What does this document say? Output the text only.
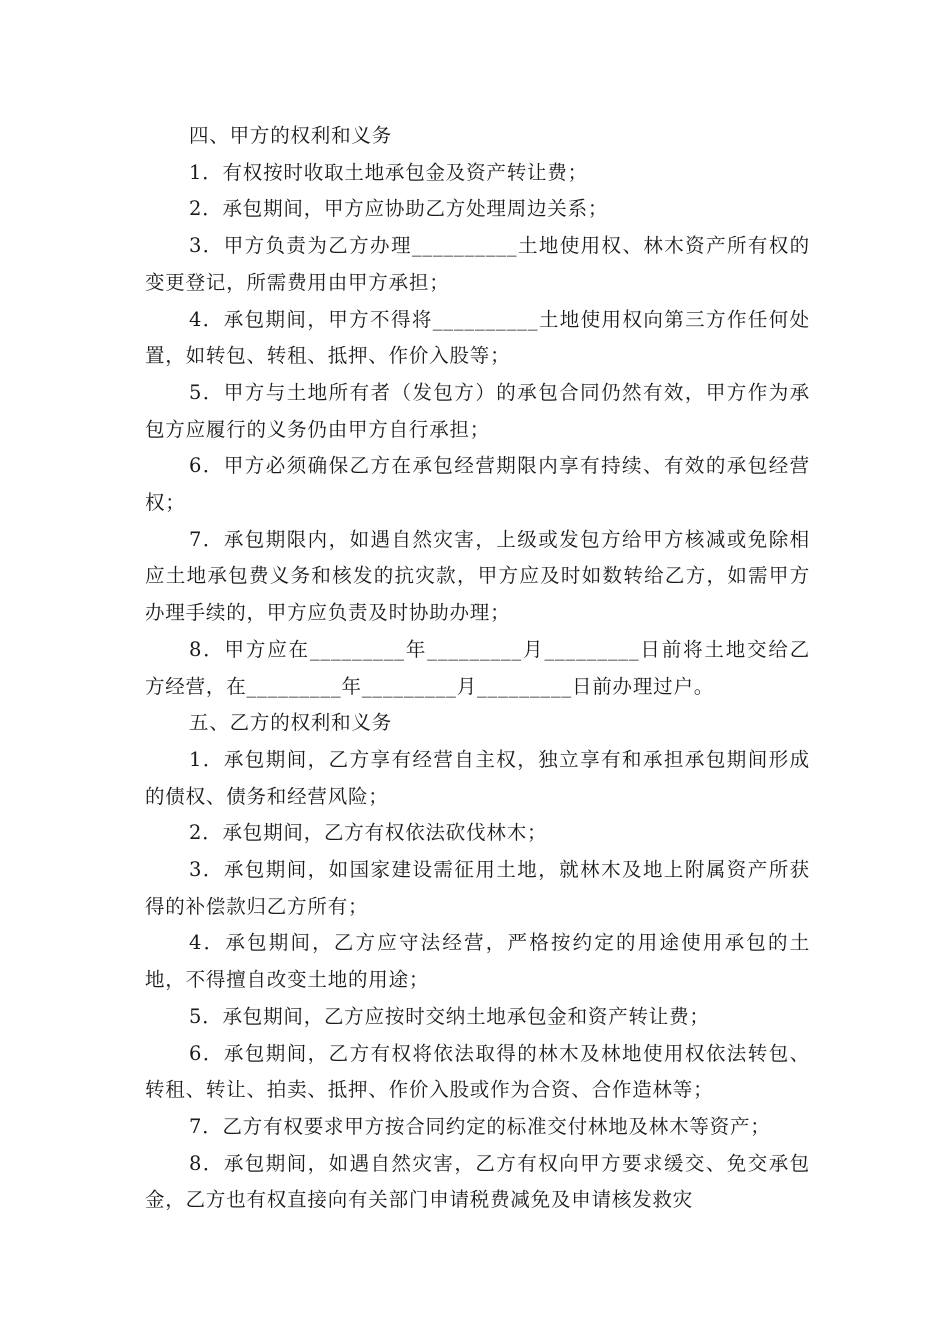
四、甲方的权利和义务

1．有权按时收取土地承包金及资产转让费；

2．承包期间，甲方应协助乙方处理周边关系；

3．甲方负责为乙方办理__________土地使用权、林木资产所有权的变更登记，所需费用由甲方承担；

4．承包期间，甲方不得将__________土地使用权向第三方作任何处置，如转包、转租、抵押、作价入股等；

5．甲方与土地所有者（发包方）的承包合同仍然有效，甲方作为承包方应履行的义务仍由甲方自行承担；

6．甲方必须确保乙方在承包经营期限内享有持续、有效的承包经营权；

7．承包期限内，如遇自然灾害，上级或发包方给甲方核减或免除相应土地承包费义务和核发的抗灾款，甲方应及时如数转给乙方，如需甲方办理手续的，甲方应负责及时协助办理；

8．甲方应在_________年_________月_________日前将土地交给乙方经营，在_________年_________月_________日前办理过户。

五、乙方的权利和义务

1．承包期间，乙方享有经营自主权，独立享有和承担承包期间形成的债权、债务和经营风险；

2．承包期间，乙方有权依法砍伐林木；

3．承包期间，如国家建设需征用土地，就林木及地上附属资产所获得的补偿款归乙方所有；

4．承包期间，乙方应守法经营，严格按约定的用途使用承包的土地，不得擅自改变土地的用途；

5．承包期间，乙方应按时交纳土地承包金和资产转让费；

6．承包期间，乙方有权将依法取得的林木及林地使用权依法转包、转租、转让、拍卖、抵押、作价入股或作为合资、合作造林等；

7．乙方有权要求甲方按合同约定的标准交付林地及林木等资产；

8．承包期间，如遇自然灾害，乙方有权向甲方要求缓交、免交承包金，乙方也有权直接向有关部门申请税费减免及申请核发救灾
